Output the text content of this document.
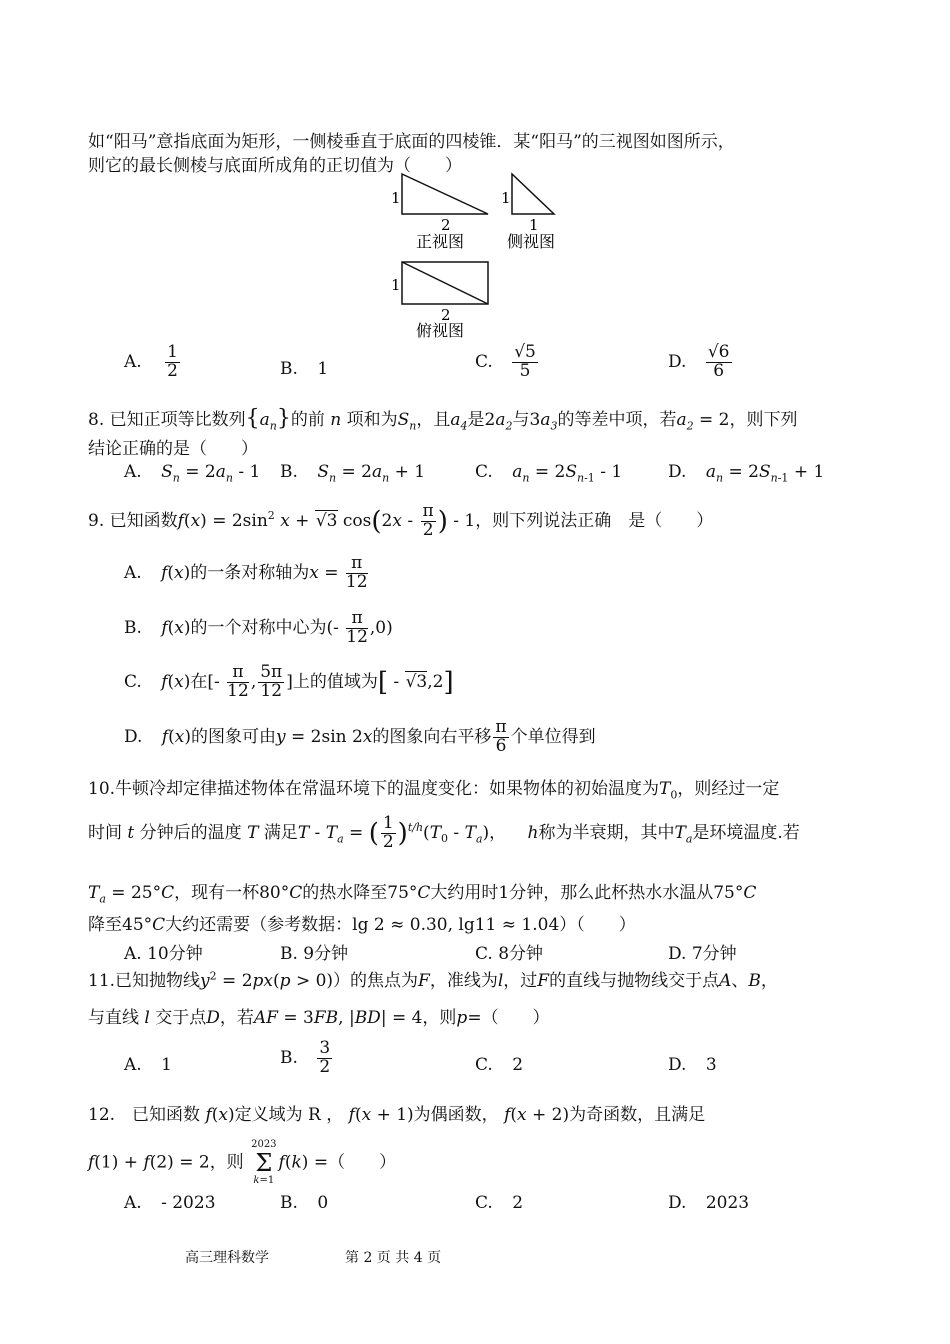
如“阳马”意指底面为矩形，一侧棱垂直于底面的四棱锥．某“阳马”的三视图如图所示，
则它的最长侧棱与底面所成角的正切值为（　　）
1
2
正视图
1
1
侧视图
1
2
俯视图
A. $\frac{1}{2}$	B. 1	C. $\frac{√5}{5}$	D. $\frac{√6}{6}$
8. 已知正项等比数列$\{a_n\}$的前 n 项和为$S_n$，且$a_4$是$2a_2$与$3a_3$的等差中项，若$a_2 = 2$，则下列
结论正确的是（　　）
A. $S_n = 2a_n - 1$ B. $S_n = 2a_n + 1$	C. $a_n = 2S_{n-1} - 1$	D. $a_n = 2S_{n-1} + 1$
9. 已知函数$f(x) = 2\sin^2$ x + √3 $\cos(2x - \frac{\pi}{2}$ ) - 1，则下列说法正确　是（　　）
A. f(x)的一条对称轴为$x = \frac{\pi}{12}$
B. f(x)的一个对称中心为(- $\frac{\pi}{12} ,0$)
C. f(x)在[- $\frac{\pi}{12}$ , $\frac{5\pi}{12}$ ]上的值域为[ - √3,2]
D. f(x)的图象可由y = 2sin 2x的图象向右平移 $\frac{\pi}{6}$ 个单位得到
10.牛顿冷却定律描述物体在常温环境下的温度变化：如果物体的初始温度为$T_0$，则经过一定
时间 t 分钟后的温度 T 满足T - $T_a$ = ( $\frac{1}{2} )^{t/h}(T_0 - T_a)$， h称为半衰期，其中$T_a$是环境温度.若
$T_a = 25^\circ C$，现有一杯80°C的热水降至75°C大约用时1分钟，那么此杯热水水温从75°C
降至45°C大约还需要（参考数据：lg 2 ≈ 0.30, lg11 ≈ 1.04）（　　）
A. 10分钟	B. 9分钟	C. 8分钟	D. 7分钟
11.已知抛物线$y^2 = 2px(p > 0)$）的焦点为F，准线为l，过F的直线与抛物线交于点A、B，
与直线 l 交于点D，若AF = 3FB, |BD| = 4，则p=（　　）
A. 1	B. $\frac{3}{2}$	C. 2	D. 3
12.　已知函数 f(x)定义域为 R ， f(x + 1)为偶函数， f(x + 2)为奇函数，且满足
f(1) + f(2) = 2，则
2023
Σ
k=1
f(k) =（　　）
A. - 2023	B. 0	C. 2	D. 2023
高三理科数学	第 2 页 共 4 页
